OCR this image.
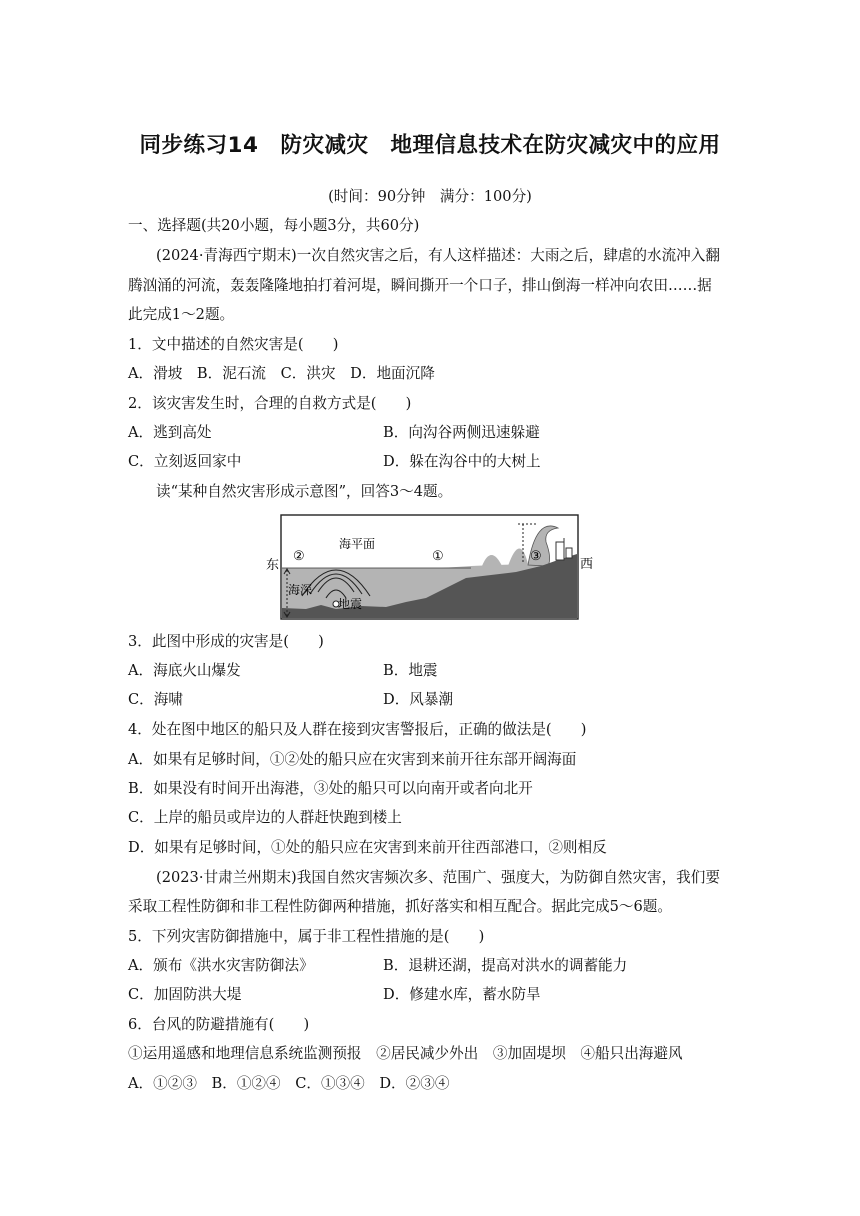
同步练习14　防灾减灾　地理信息技术在防灾减灾中的应用
(时间：90分钟　满分：100分)
一、选择题(共20小题，每小题3分，共60分)
(2024·青海西宁期末)一次自然灾害之后，有人这样描述：大雨之后，肆虐的水流冲入翻
腾汹涌的河流，轰轰隆隆地拍打着河堤，瞬间撕开一个口子，排山倒海一样冲向农田……据
此完成1～2题。
1．文中描述的自然灾害是(　　)
A．滑坡　B．泥石流　C．洪灾　D．地面沉降
2．该灾害发生时，合理的自救方式是(　　)
A．逃到高处	B．向沟谷两侧迅速躲避
C．立刻返回家中	D．躲在沟谷中的大树上
读“某种自然灾害形成示意图”，回答3～4题。
东	西
海平面
海深
地震
②	①	③
3．此图中形成的灾害是(　　)
A．海底火山爆发	B．地震
C．海啸	D．风暴潮
4．处在图中地区的船只及人群在接到灾害警报后，正确的做法是(　　)
A．如果有足够时间，①②处的船只应在灾害到来前开往东部开阔海面
B．如果没有时间开出海港，③处的船只可以向南开或者向北开
C．上岸的船员或岸边的人群赶快跑到楼上
D．如果有足够时间，①处的船只应在灾害到来前开往西部港口，②则相反
(2023·甘肃兰州期末)我国自然灾害频次多、范围广、强度大，为防御自然灾害，我们要
采取工程性防御和非工程性防御两种措施，抓好落实和相互配合。据此完成5～6题。
5．下列灾害防御措施中，属于非工程性措施的是(　　)
A．颁布《洪水灾害防御法》	B．退耕还湖，提高对洪水的调蓄能力
C．加固防洪大堤	D．修建水库，蓄水防旱
6．台风的防避措施有(　　)
①运用遥感和地理信息系统监测预报　②居民减少外出　③加固堤坝　④船只出海避风
A．①②③　B．①②④　C．①③④　D．②③④
